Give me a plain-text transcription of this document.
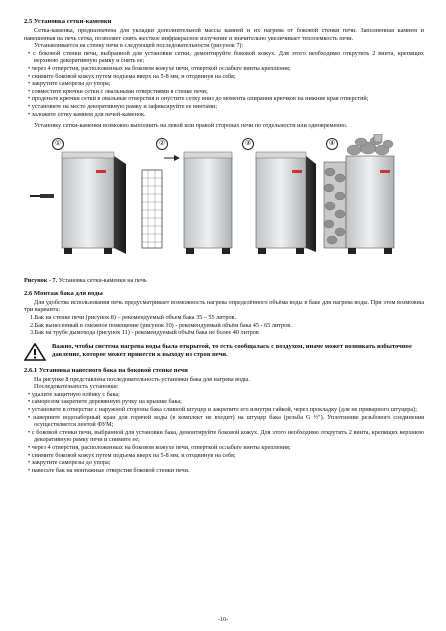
2.5 Установка сетки-каменки

Сетка-каменка, предназначена для укладки дополнительной массы камней и их нагрева от боковой стенки печи. Заполненная камнем и навешенная на печь сетка, позволяет снять жесткое инфракрасное излучение и значительно увеличивает теплоемкость печи.

Устанавливается на стенку печи в следующей последовательности (рисунок 7):

• с боковой стенки печи, выбранной для установки сетки, демонтируйте боковой кожух. Для этого необходимо открутить 2 винта, крепящих верхнюю декоративную рамку и снять ее;

• через 4 отверстия, расположенных на боковом кожухе печи, отверткой ослабьте винты крепления;

• снимите боковой кожух путем подъема вверх на 5-8 мм, и отодвинув на себя;

• закрутите саморезы до упора;

• совместите крючки сетки с овальными отверстиями в стенке печи;

• проденьте крючки сетки в овальные отверстия и опустите сетку вниз до момента опирания крючков на нижние края отверстий;

• установите на место декоративную рамку и зафиксируйте ее винтами;

• заложите сетку камнем для печей-каменок.

Установку сетки-каменки возможно выполнять на левой или правой сторонах печи по отдельности или одновременно.

①	②	③	④
Рисунок - 7. Установка сетки-каменки на печь
2.6 Монтаж бака для воды

Для удобства использования печь предусматривает возможность нагрева определённого объёма воды в баке для нагрева воды. При этом возможны три варианта:

1.Бак на стенке печи (рисунок 8) – рекомендуемый объем бака 35 – 55 литров.

2.Бак вынесенный в смежное помещение (рисунок 10) - рекомендуемый объём бака 45 - 65 литров.

3.Бак на трубе дымохода (рисунок 11) - рекомендуемый объём бака не более 40 литров

Важно, чтобы система нагрева воды была открытой, то есть сообщалась с воздухом, иначе может возникать избыточное давление, которое может привести к выходу из строя печи.
2.6.1 Установка навесного бака на боковой стенке печи

На рисунке 8 представлена последовательность установки бака для нагрева воды.

Последовательность установки:

• удалите защитную плёнку с бака;

• саморезом закрепите деревянную ручку на крышке бака;

• установите в отверстие с наружной стороны бака сливной штуцер и закрепите его изнутри гайкой, через прокладку (для не приварного штуцера);

• наверните водозаборный кран для горячей воды (в комплект не входит) на штуцер бака (резьба G ½"). Уплотнение резьбового соединения осуществляется лентой ФУМ;

• с боковой стенки печи, выбранной для установки бака, демонтируйте боковой кожух. Для этого необходимо открутить 2 винта, крепящих верхнюю декоративную рамку печи и снимите ее;

• через 4 отверстия, расположенных на боковом кожухе печи, отверткой ослабьте винты крепления;

• снимите боковой кожух путем подъема вверх на 5-8 мм, и отодвинув на себя;

• закрутите саморезы до упора;

• навесьте бак на монтажные отверстия боковой стенки печи.

-10-
